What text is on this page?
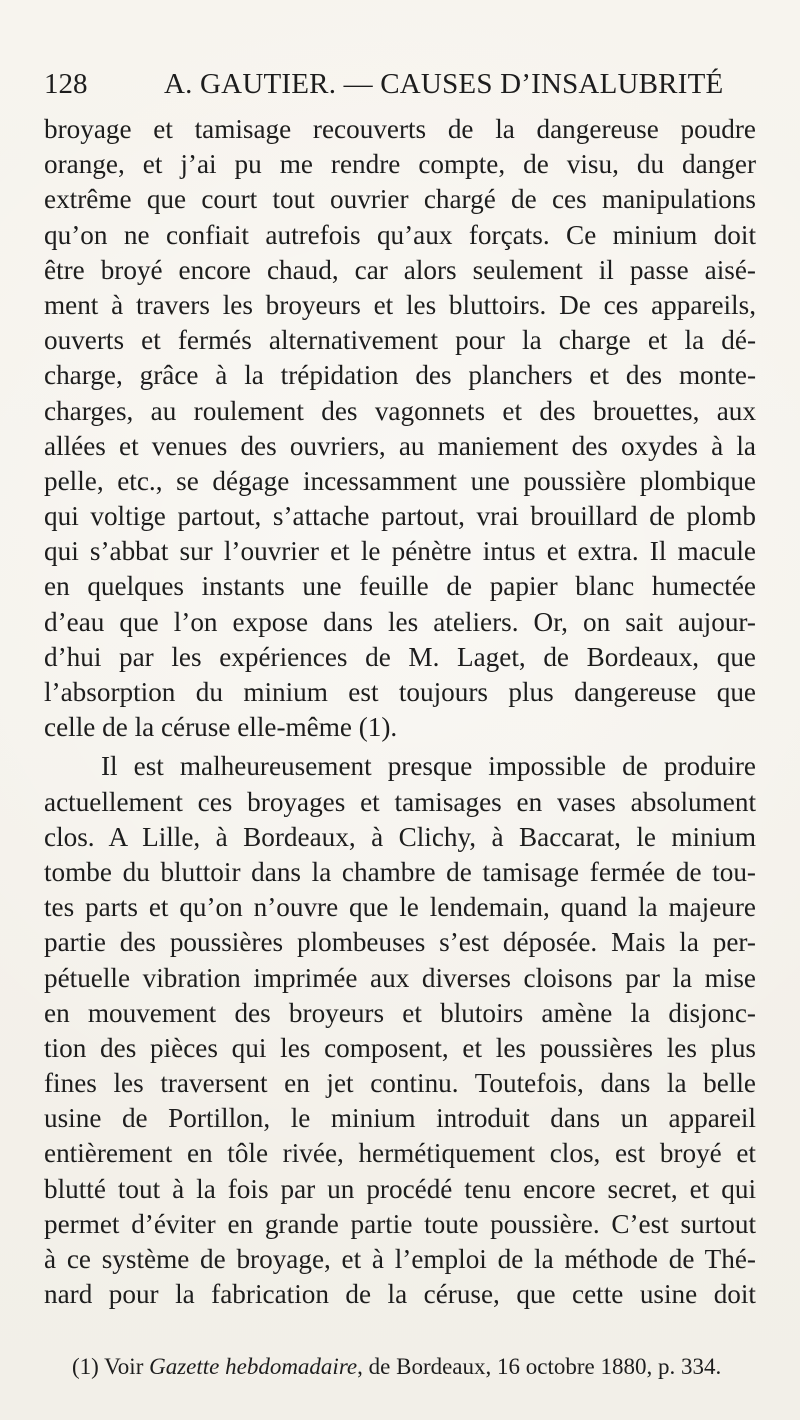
128	A. GAUTIER. — CAUSES D’INSALUBRITÉ
broyage et tamisage recouverts de la dangereuse poudre
orange, et j’ai pu me rendre compte, de visu, du danger
extrême que court tout ouvrier chargé de ces manipulations
qu’on ne confiait autrefois qu’aux forçats. Ce minium doit
être broyé encore chaud, car alors seulement il passe aisé-
ment à travers les broyeurs et les bluttoirs. De ces appareils,
ouverts et fermés alternativement pour la charge et la dé-
charge, grâce à la trépidation des planchers et des monte-
charges, au roulement des vagonnets et des brouettes, aux
allées et venues des ouvriers, au maniement des oxydes à la
pelle, etc., se dégage incessamment une poussière plombique
qui voltige partout, s’attache partout, vrai brouillard de plomb
qui s’abbat sur l’ouvrier et le pénètre intus et extra. Il macule
en quelques instants une feuille de papier blanc humectée
d’eau que l’on expose dans les ateliers. Or, on sait aujour-
d’hui par les expériences de M. Laget, de Bordeaux, que
l’absorption du minium est toujours plus dangereuse que
celle de la céruse elle-même (1).
Il est malheureusement presque impossible de produire
actuellement ces broyages et tamisages en vases absolument
clos. A Lille, à Bordeaux, à Clichy, à Baccarat, le minium
tombe du bluttoir dans la chambre de tamisage fermée de tou-
tes parts et qu’on n’ouvre que le lendemain, quand la majeure
partie des poussières plombeuses s’est déposée. Mais la per-
pétuelle vibration imprimée aux diverses cloisons par la mise
en mouvement des broyeurs et blutoirs amène la disjonc-
tion des pièces qui les composent, et les poussières les plus
fines les traversent en jet continu. Toutefois, dans la belle
usine de Portillon, le minium introduit dans un appareil
entièrement en tôle rivée, hermétiquement clos, est broyé et
blutté tout à la fois par un procédé tenu encore secret, et qui
permet d’éviter en grande partie toute poussière. C’est surtout
à ce système de broyage, et à l’emploi de la méthode de Thé-
nard pour la fabrication de la céruse, que cette usine doit
(1) Voir Gazette hebdomadaire, de Bordeaux, 16 octobre 1880, p. 334.
